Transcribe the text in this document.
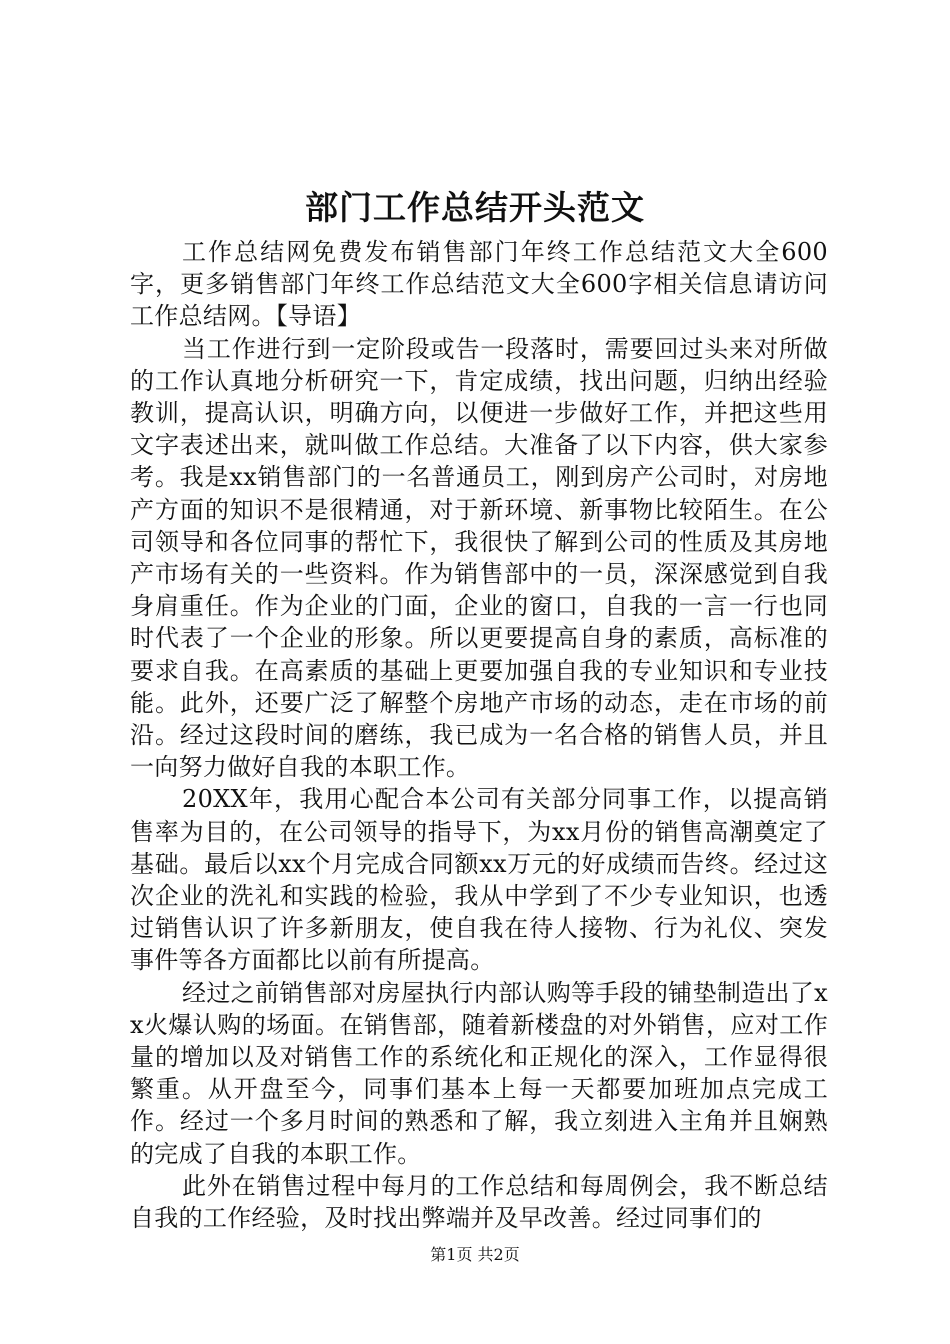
部门工作总结开头范文

工作总结网免费发布销售部门年终工作总结范文大全600字，更多销售部门年终工作总结范文大全600字相关信息请访问工作总结网。【导语】

当工作进行到一定阶段或告一段落时，需要回过头来对所做的工作认真地分析研究一下，肯定成绩，找出问题，归纳出经验教训，提高认识，明确方向，以便进一步做好工作，并把这些用文字表述出来，就叫做工作总结。大准备了以下内容，供大家参考。我是xx销售部门的一名普通员工，刚到房产公司时，对房地产方面的知识不是很精通，对于新环境、新事物比较陌生。在公司领导和各位同事的帮忙下，我很快了解到公司的性质及其房地产市场有关的一些资料。作为销售部中的一员，深深感觉到自我身肩重任。作为企业的门面，企业的窗口，自我的一言一行也同时代表了一个企业的形象。所以更要提高自身的素质，高标准的要求自我。在高素质的基础上更要加强自我的专业知识和专业技能。此外，还要广泛了解整个房地产市场的动态，走在市场的前沿。经过这段时间的磨练，我已成为一名合格的销售人员，并且一向努力做好自我的本职工作。

20XX年，我用心配合本公司有关部分同事工作，以提高销售率为目的，在公司领导的指导下，为xx月份的销售高潮奠定了基础。最后以xx个月完成合同额xx万元的好成绩而告终。经过这次企业的洗礼和实践的检验，我从中学到了不少专业知识，也透过销售认识了许多新朋友，使自我在待人接物、行为礼仪、突发事件等各方面都比以前有所提高。

经过之前销售部对房屋执行内部认购等手段的铺垫制造出了xx火爆认购的场面。在销售部，随着新楼盘的对外销售，应对工作量的增加以及对销售工作的系统化和正规化的深入，工作显得很繁重。从开盘至今，同事们基本上每一天都要加班加点完成工作。经过一个多月时间的熟悉和了解，我立刻进入主角并且娴熟的完成了自我的本职工作。

此外在销售过程中每月的工作总结和每周例会，我不断总结自我的工作经验，及时找出弊端并及早改善。经过同事们的

第1页 共2页
